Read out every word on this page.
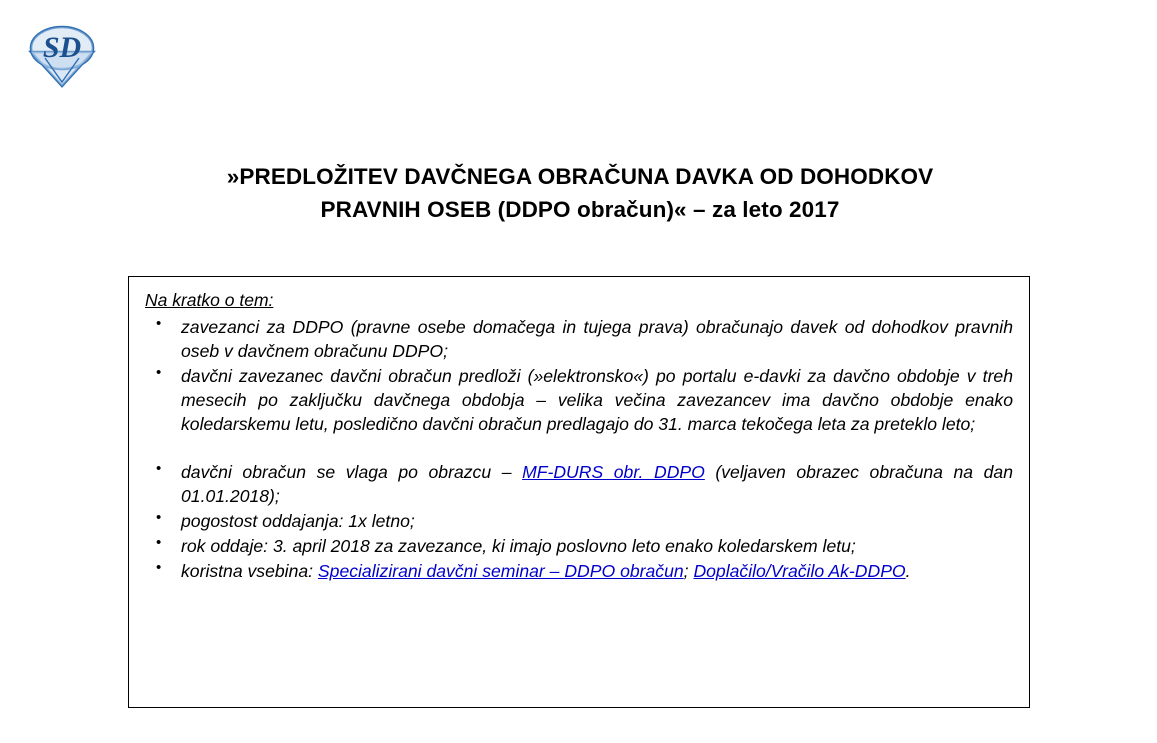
SD
»PREDLOŽITEV DAVČNEGA OBRAČUNA DAVKA OD DOHODKOV
PRAVNIH OSEB (DDPO obračun)« – za leto 2017
Na kratko o tem:
• zavezanci za DDPO (pravne osebe domačega in tujega prava) obračunajo davek od dohodkov pravnih oseb v davčnem obračunu DDPO;
• davčni zavezanec davčni obračun predloži (»elektronsko«) po portalu e-davki za davčno obdobje v treh mesecih po zaključku davčnega obdobja – velika večina zavezancev ima davčno obdobje enako koledarskemu letu, posledično davčni obračun predlagajo do 31. marca tekočega leta za preteklo leto;
• davčni obračun se vlaga po obrazcu – MF-DURS obr. DDPO (veljaven obrazec obračuna na dan 01.01.2018);
• pogostost oddajanja: 1x letno;
• rok oddaje: 3. april 2018 za zavezance, ki imajo poslovno leto enako koledarskem letu;
• koristna vsebina: Specializirani davčni seminar – DDPO obračun; Doplačilo/Vračilo Ak-DDPO.
